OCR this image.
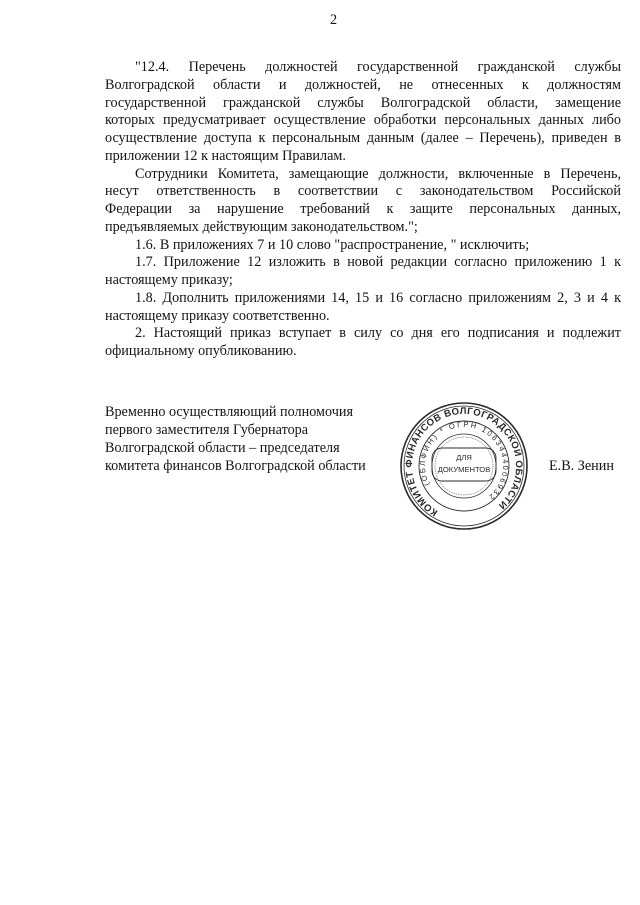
2
"12.4. Перечень должностей государственной гражданской службы
Волгоградской области и должностей, не отнесенных к должностям
государственной гражданской службы Волгоградской области, замещение
которых предусматривает осуществление обработки персональных данных либо
осуществление доступа к персональным данным (далее – Перечень), приведен в
приложении 12 к настоящим Правилам.
Сотрудники Комитета, замещающие должности, включенные в Перечень,
несут ответственность в соответствии с законодательством Российской
Федерации за нарушение требований к защите персональных данных,
предъявляемых действующим законодательством.";
1.6. В приложениях 7 и 10 слово "распространение, " исключить;
1.7. Приложение 12 изложить в новой редакции согласно приложению 1 к
настоящему приказу;
1.8. Дополнить приложениями 14, 15 и 16 согласно приложениям 2, 3 и 4 к
настоящему приказу соответственно.
2. Настоящий приказ вступает в силу со дня его подписания и подлежит
официальному опубликованию.
Временно осуществляющий полномочия
первого заместителя Губернатора
Волгоградской области – председателя
комитета финансов Волгоградской области	Е.В. Зенин
КОМИТЕТ ФИНАНСОВ ВОЛГОГРАДСКОЙ ОБЛАСТИ
(ОБЛФИН) * ОГРН 1063444006932
ДЛЯ
ДОКУМЕНТОВ
